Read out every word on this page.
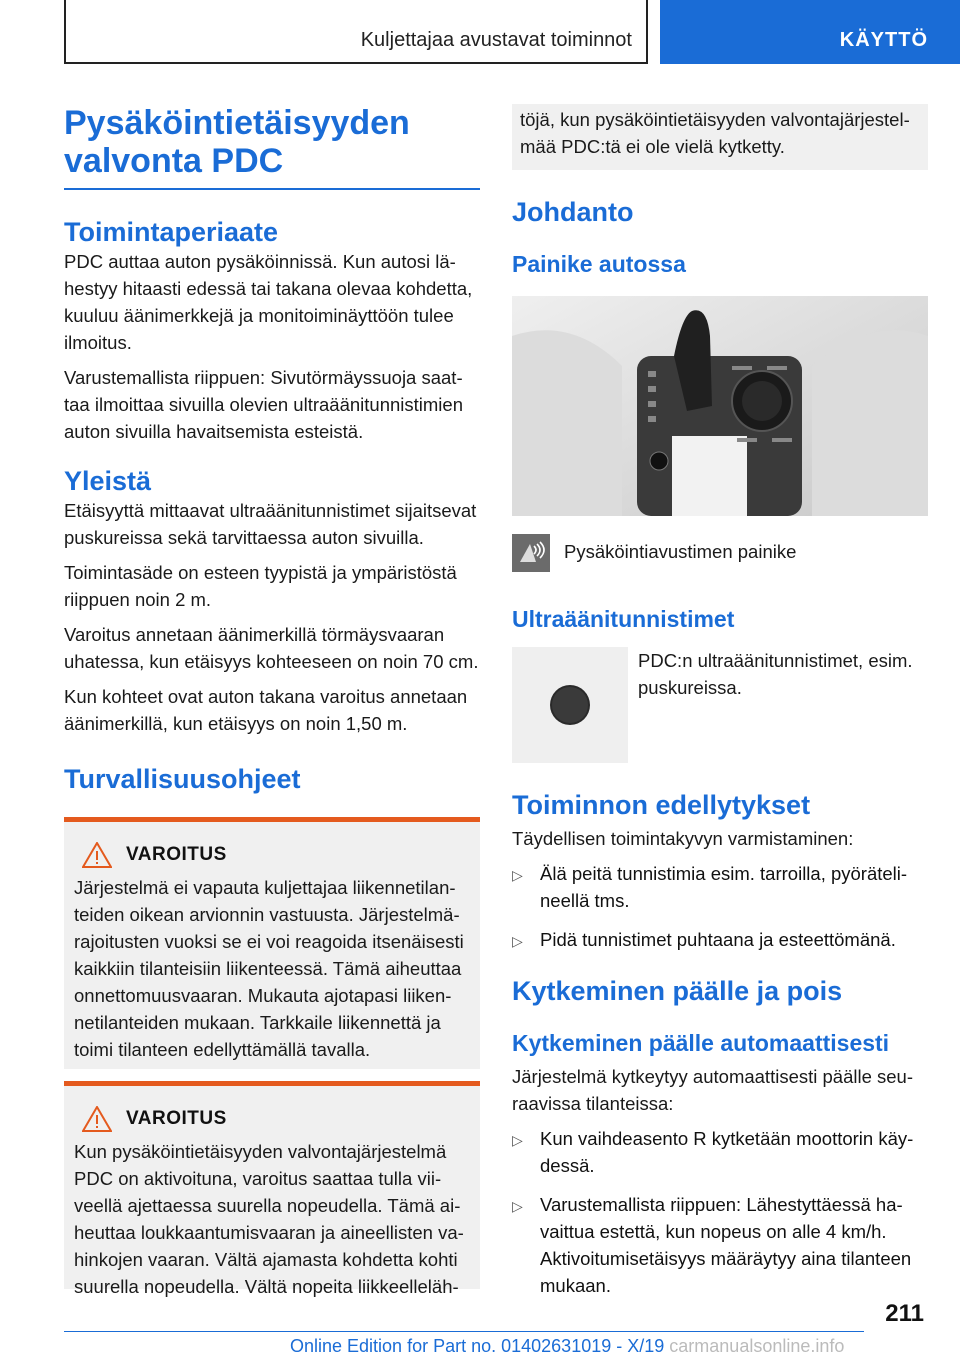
Kuljettajaa avustavat toiminnot	KÄYTTÖ
Pysäköintietäisyyden valvonta PDC
Toimintaperiaate

PDC auttaa auton pysäköinnissä. Kun autosi lähestyy hitaasti edessä tai takana olevaa kohdetta, kuuluu äänimerkkejä ja monitoiminäyttöön tulee ilmoitus.

Varustemallista riippuen: Sivutörmäyssuoja saattaa ilmoittaa sivuilla olevien ultraäänitunnistimien auton sivuilla havaitsemista esteistä.

Yleistä

Etäisyyttä mittaavat ultraäänitunnistimet sijaitsevat puskureissa sekä tarvittaessa auton sivuilla.

Toimintasäde on esteen tyypistä ja ympäristöstä riippuen noin 2 m.

Varoitus annetaan äänimerkillä törmäysvaaran uhatessa, kun etäisyys kohteeseen on noin 70 cm.

Kun kohteet ovat auton takana varoitus annetaan äänimerkillä, kun etäisyys on noin 1,50 m.

Turvallisuusohjeet
VAROITUS

Järjestelmä ei vapauta kuljettajaa liikennetilanteiden oikean arvionnin vastuusta. Järjestelmärajoitusten vuoksi se ei voi reagoida itsenäisesti kaikkiin tilanteisiin liikenteessä. Tämä aiheuttaa onnettomuusvaaran. Mukauta ajotapasi liikennetilanteiden mukaan. Tarkkaile liikennettä ja toimi tilanteen edellyttämällä tavalla.

VAROITUS

Kun pysäköintietäisyyden valvontajärjestelmä PDC on aktivoituna, varoitus saattaa tulla viiveellä ajettaessa suurella nopeudella. Tämä aiheuttaa loukkaantumisvaaran ja aineellisten vahinkojen vaaran. Vältä ajamasta kohdetta kohti suurella nopeudella. Vältä nopeita liikkeelleläh-

töjä, kun pysäköintietäisyyden valvontajärjestelmää PDC:tä ei ole vielä kytketty.

Johdanto
Painike autossa
Pysäköintiavustimen painike
Ultraäänitunnistimet

PDC:n ultraäänitunnistimet, esim. puskureissa.

Toiminnon edellytykset

Täydellisen toimintakyvyn varmistaminen:

▷ Älä peitä tunnistimia esim. tarroilla, pyörätelineellä tms.
▷ Pidä tunnistimet puhtaana ja esteettömänä.
Kytkeminen päälle ja pois
Kytkeminen päälle automaattisesti

Järjestelmä kytkeytyy automaattisesti päälle seuraavissa tilanteissa:

▷ Kun vaihdeasento R kytketään moottorin käydessä.
▷ Varustemallista riippuen: Lähestyttäessä havaittua estettä, kun nopeus on alle 4 km/h. Aktivoitumisetäisyys määräytyy aina tilanteen mukaan.
211
Online Edition for Part no. 01402631019 - X/19 carmanualsonline.info
